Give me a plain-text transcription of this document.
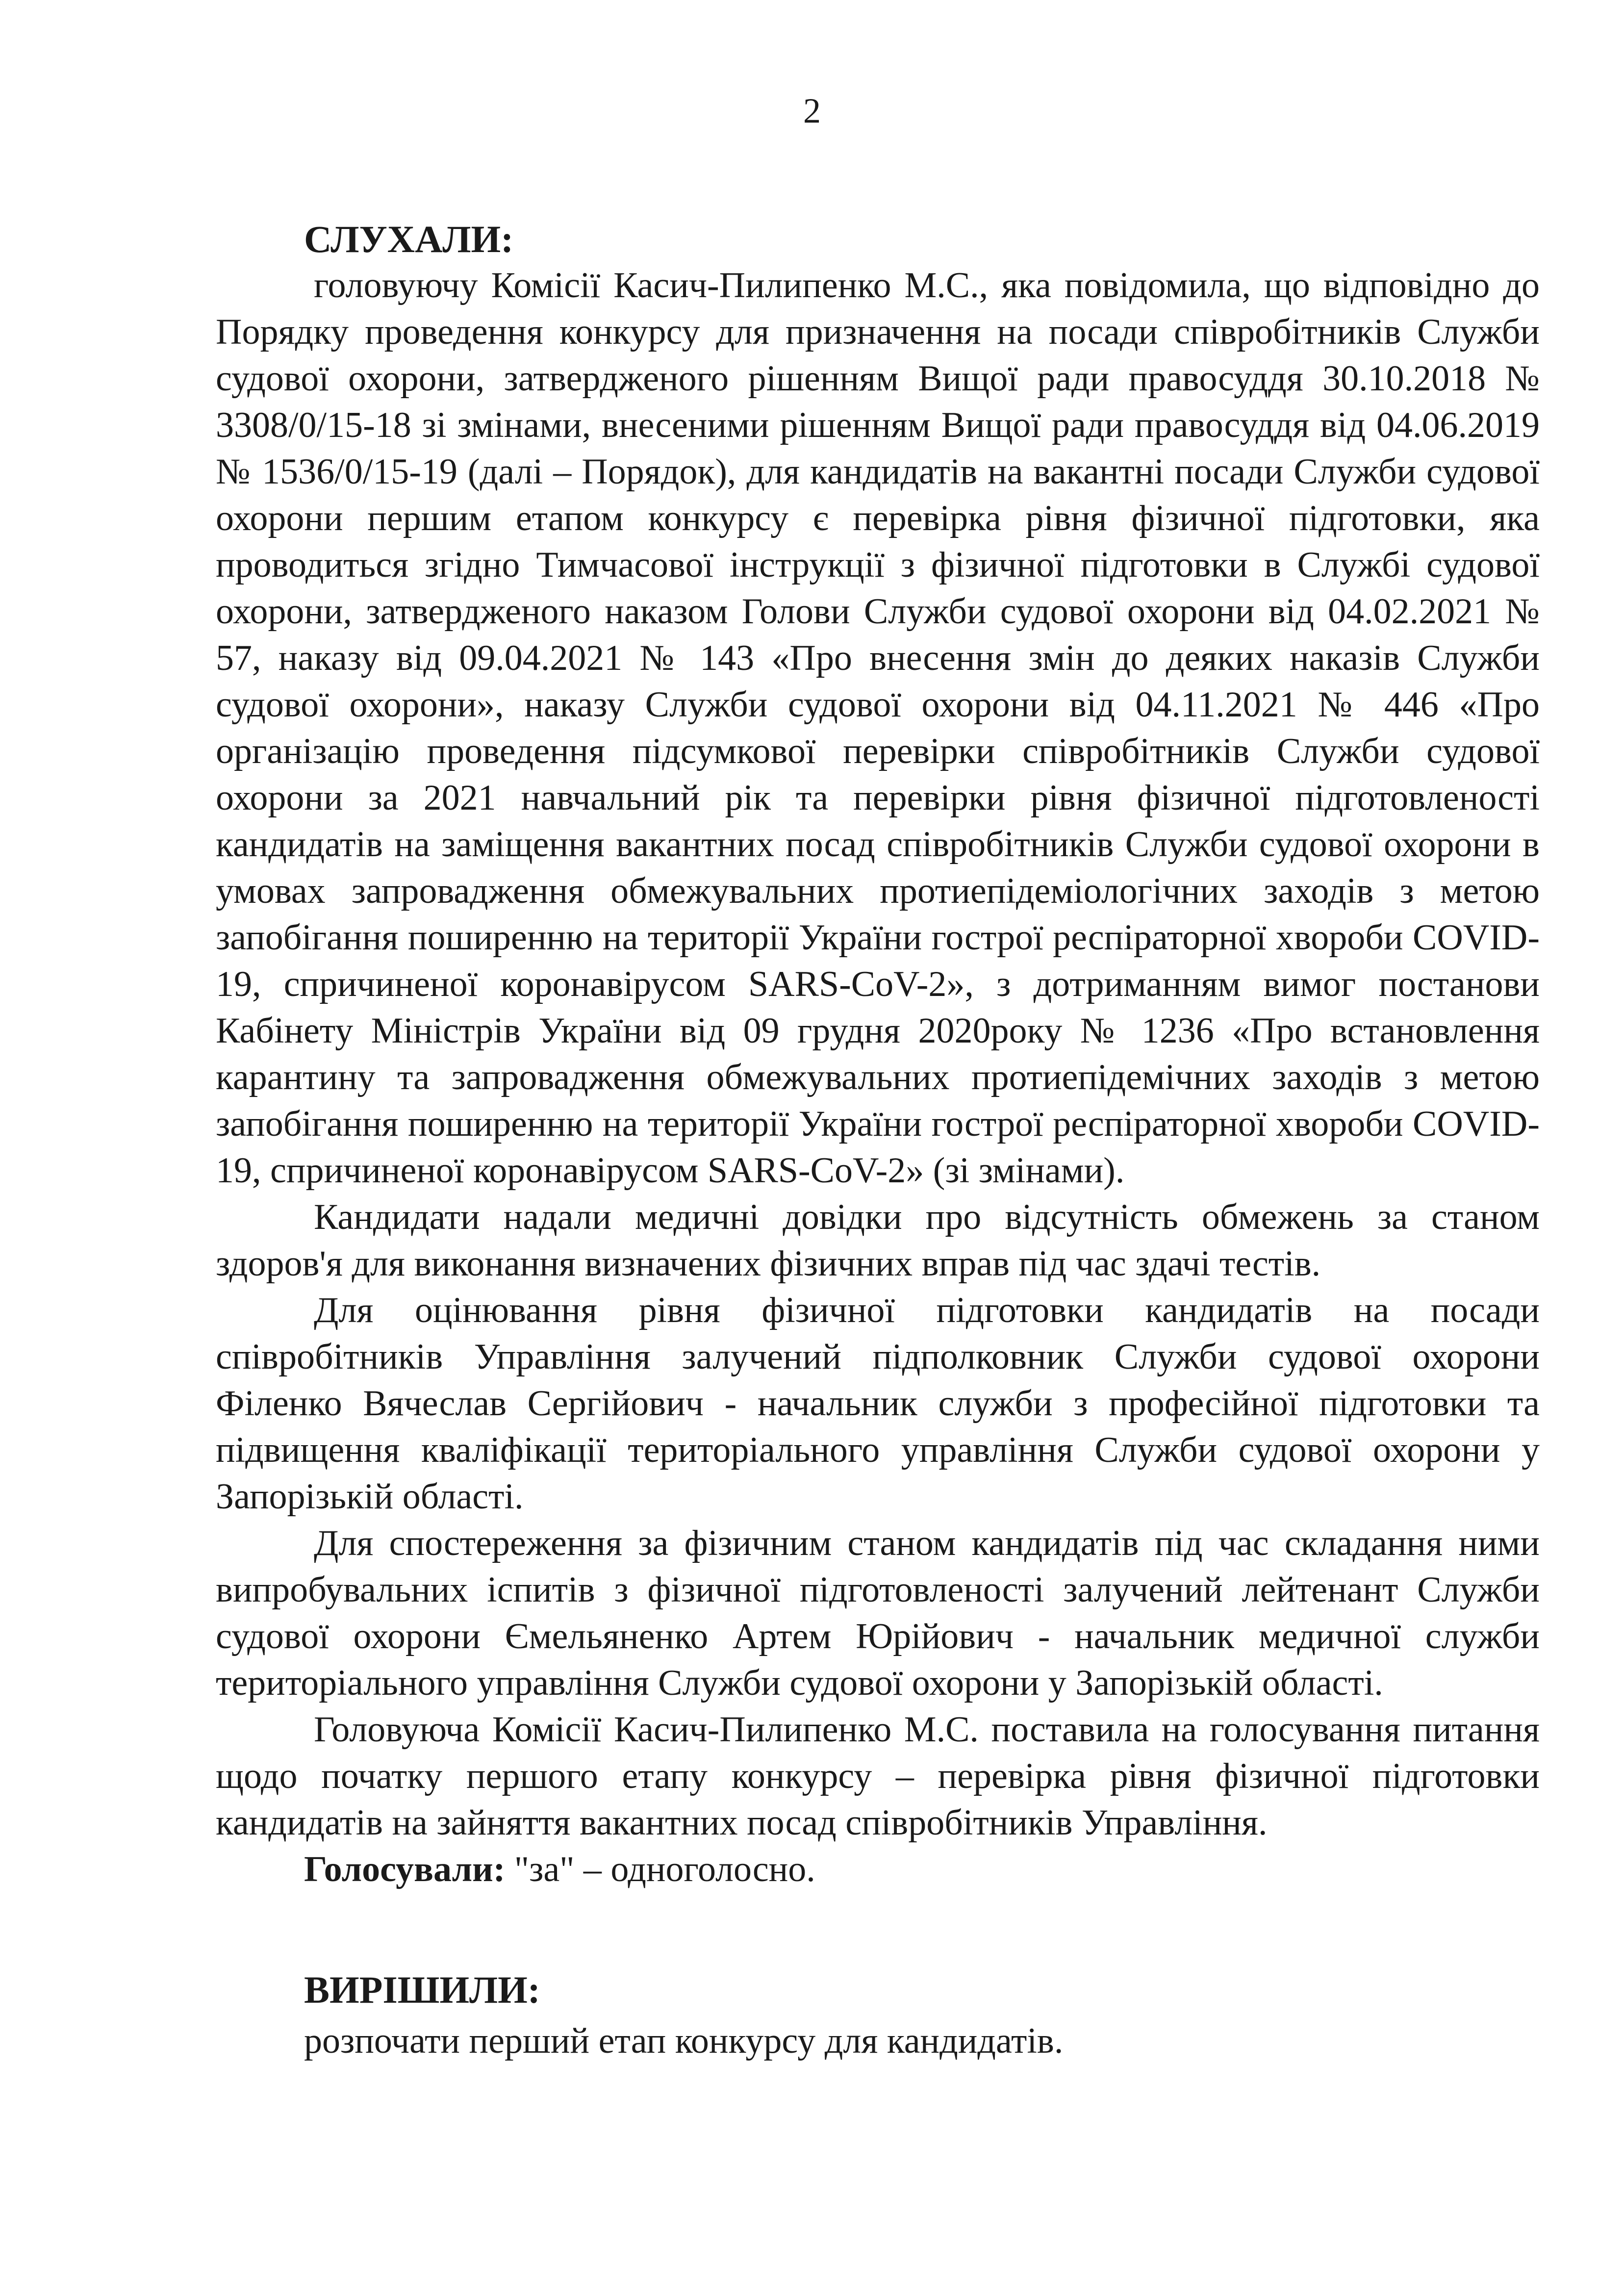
2
СЛУХАЛИ:

головуючу Комісії Касич-Пилипенко М.С., яка повідомила, що відповідно до Порядку проведення конкурсу для призначення на посади співробітників Служби судової охорони, затвердженого рішенням Вищої ради правосуддя 30.10.2018 № 3308/0/15-18 зі змінами, внесеними рішенням Вищої ради правосуддя від 04.06.2019 № 1536/0/15-19 (далі – Порядок), для кандидатів на вакантні посади Служби судової охорони першим етапом конкурсу є перевірка рівня фізичної підготовки, яка проводиться згідно Тимчасової інструкції з фізичної підготовки в Службі судової охорони, затвердженого наказом Голови Служби судової охорони від 04.02.2021 № 57, наказу від 09.04.2021 № 143 «Про внесення змін до деяких наказів Служби судової охорони», наказу Служби судової охорони від 04.11.2021 № 446 «Про організацію проведення підсумкової перевірки співробітників Служби судової охорони за 2021 навчальний рік та перевірки рівня фізичної підготовленості кандидатів на заміщення вакантних посад співробітників Служби судової охорони в умовах запровадження обмежувальних протиепідеміологічних заходів з метою запобігання поширенню на території України гострої респіраторної хвороби COVID-19, спричиненої коронавірусом SARS-CoV-2», з дотриманням вимог постанови Кабінету Міністрів України від 09 грудня 2020року № 1236 «Про встановлення карантину та запровадження обмежувальних протиепідемічних заходів з метою запобігання поширенню на території України гострої респіраторної хвороби COVID-19, спричиненої коронавірусом SARS-CoV-2» (зі змінами).

Кандидати надали медичні довідки про відсутність обмежень за станом здоров'я для виконання визначених фізичних вправ під час здачі тестів.

Для оцінювання рівня фізичної підготовки кандидатів на посади співробітників Управління залучений підполковник Служби судової охорони Філенко Вячеслав Сергійович - начальник служби з професійної підготовки та підвищення кваліфікації територіального управління Служби судової охорони у Запорізькій області.

Для спостереження за фізичним станом кандидатів під час складання ними випробувальних іспитів з фізичної підготовленості залучений лейтенант Служби судової охорони Ємельяненко Артем Юрійович - начальник медичної служби територіального управління Служби судової охорони у Запорізькій області.

Головуюча Комісії Касич-Пилипенко М.С. поставила на голосування питання щодо початку першого етапу конкурсу – перевірка рівня фізичної підготовки кандидатів на зайняття вакантних посад співробітників Управління.

Голосували: "за" – одноголосно.
ВИРІШИЛИ:
розпочати перший етап конкурсу для кандидатів.
